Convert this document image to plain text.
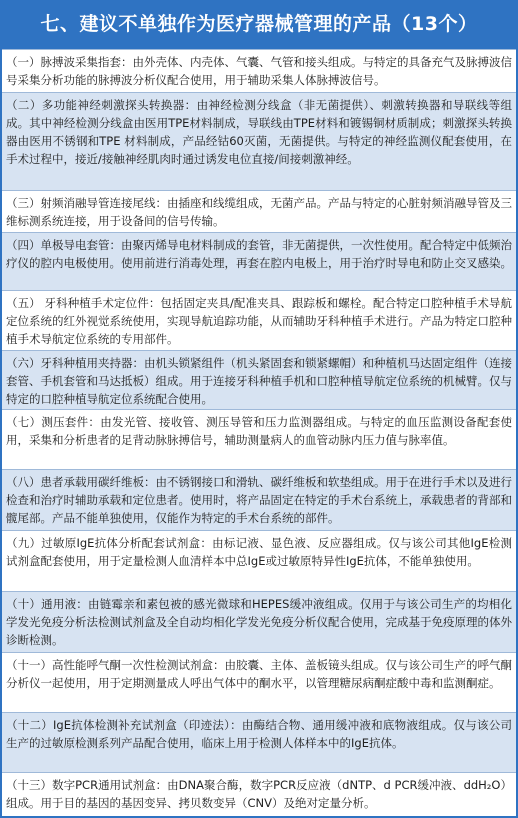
七、建议不单独作为医疗器械管理的产品（13个）
（一）脉搏波采集指套：由外壳体、内壳体、气囊、气管和接头组成。与特定的具备充气及脉搏波信号采集分析功能的脉搏波分析仪配合使用，用于辅助采集人体脉搏波信号。
（二）多功能神经刺激探头转换器：由神经检测分线盒（非无菌提供）、刺激转换器和导联线等组成。其中神经检测分线盒由医用TPE材料制成，导联线由TPE材料和镀锡铜材质制成；刺激探头转换器由医用不锈钢和TPE 材料制成，产品经钴60灭菌，无菌提供。与特定的神经监测仪配套使用，在手术过程中，接近/接触神经肌肉时通过诱发电位直接/间接刺激神经。
（三）射频消融导管连接尾线：由插座和线缆组成，无菌产品。产品与特定的心脏射频消融导管及三维标测系统连接，用于设备间的信号传输。
（四）单极导电套管：由聚丙烯导电材料制成的套管，非无菌提供，一次性使用。配合特定中低频治疗仪的腔内电极使用。使用前进行消毒处理，再套在腔内电极上，用于治疗时导电和防止交叉感染。
（五） 牙科种植手术定位件：包括固定夹具/配准夹具、跟踪板和螺栓。配合特定口腔种植手术导航定位系统的红外视觉系统使用，实现导航追踪功能，从而辅助牙科种植手术进行。产品为特定口腔种植手术导航定位系统的专用部件。
（六）牙科种植用夹持器：由机头锁紧组件（机头紧固套和锁紧螺帽）和种植机马达固定组件（连接套管、手机套管和马达抵板）组成。用于连接牙科种植手机和口腔种植导航定位系统的机械臂。仅与特定的口腔种植导航定位系统配合使用。
（七）测压套件：由发光管、接收管、测压导管和压力监测器组成。与特定的血压监测设备配套使用，采集和分析患者的足背动脉脉搏信号，辅助测量病人的血管动脉内压力值与脉率值。
（八）患者承载用碳纤维板：由不锈钢接口和滑轨、碳纤维板和软垫组成。用于在进行手术以及进行检查和治疗时辅助承载和定位患者。使用时，将产品固定在特定的手术台系统上，承载患者的背部和髋尾部。产品不能单独使用，仅能作为特定的手术台系统的部件。
（九）过敏原IgE抗体分析配套试剂盒：由标记液、显色液、反应器组成。仅与该公司其他IgE检测试剂盒配套使用，用于定量检测人血清样本中总IgE或过敏原特异性IgE抗体，不能单独使用。
（十）通用液：由链霉亲和素包被的感光微球和HEPES缓冲液组成。仅用于与该公司生产的均相化学发光免疫分析法检测试剂盒及全自动均相化学发光免疫分析仪配合使用，完成基于免疫原理的体外诊断检测。
（十一）高性能呼气酮一次性检测试剂盒：由胶囊、主体、盖板镜头组成。仅与该公司生产的呼气酮分析仪一起使用，用于定期测量成人呼出气体中的酮水平，以管理糖尿病酮症酸中毒和监测酮症。
（十二）IgE抗体检测补充试剂盒（印迹法）：由酶结合物、通用缓冲液和底物液组成。仅与该公司生产的过敏原检测系列产品配合使用，临床上用于检测人体样本中的IgE抗体。
（十三）数字PCR通用试剂盒：由DNA聚合酶，数字PCR反应液（dNTP、d PCR缓冲液、ddH₂O）组成。用于目的基因的基因变异、拷贝数变异（CNV）及绝对定量分析。
